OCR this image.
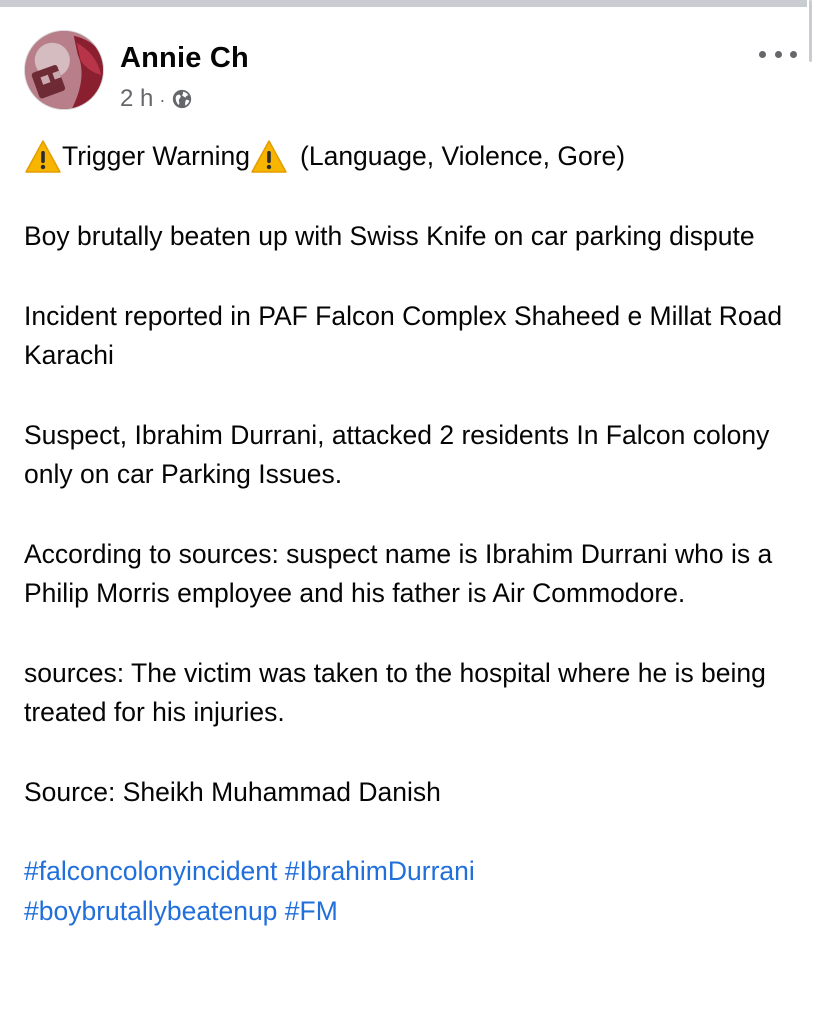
Annie Ch
2 h ·
Trigger Warning (Language, Violence, Gore)

Boy brutally beaten up with Swiss Knife on car parking dispute

Incident reported in PAF Falcon Complex Shaheed e Millat Road Karachi

Suspect, Ibrahim Durrani, attacked 2 residents In Falcon colony only on car Parking Issues.

According to sources: suspect name is Ibrahim Durrani who is a Philip Morris employee and his father is Air Commodore.

sources: The victim was taken to the hospital where he is being treated for his injuries.

Source: Sheikh Muhammad Danish

#falconcolonyincident #IbrahimDurrani
#boybrutallybeatenup #FM
